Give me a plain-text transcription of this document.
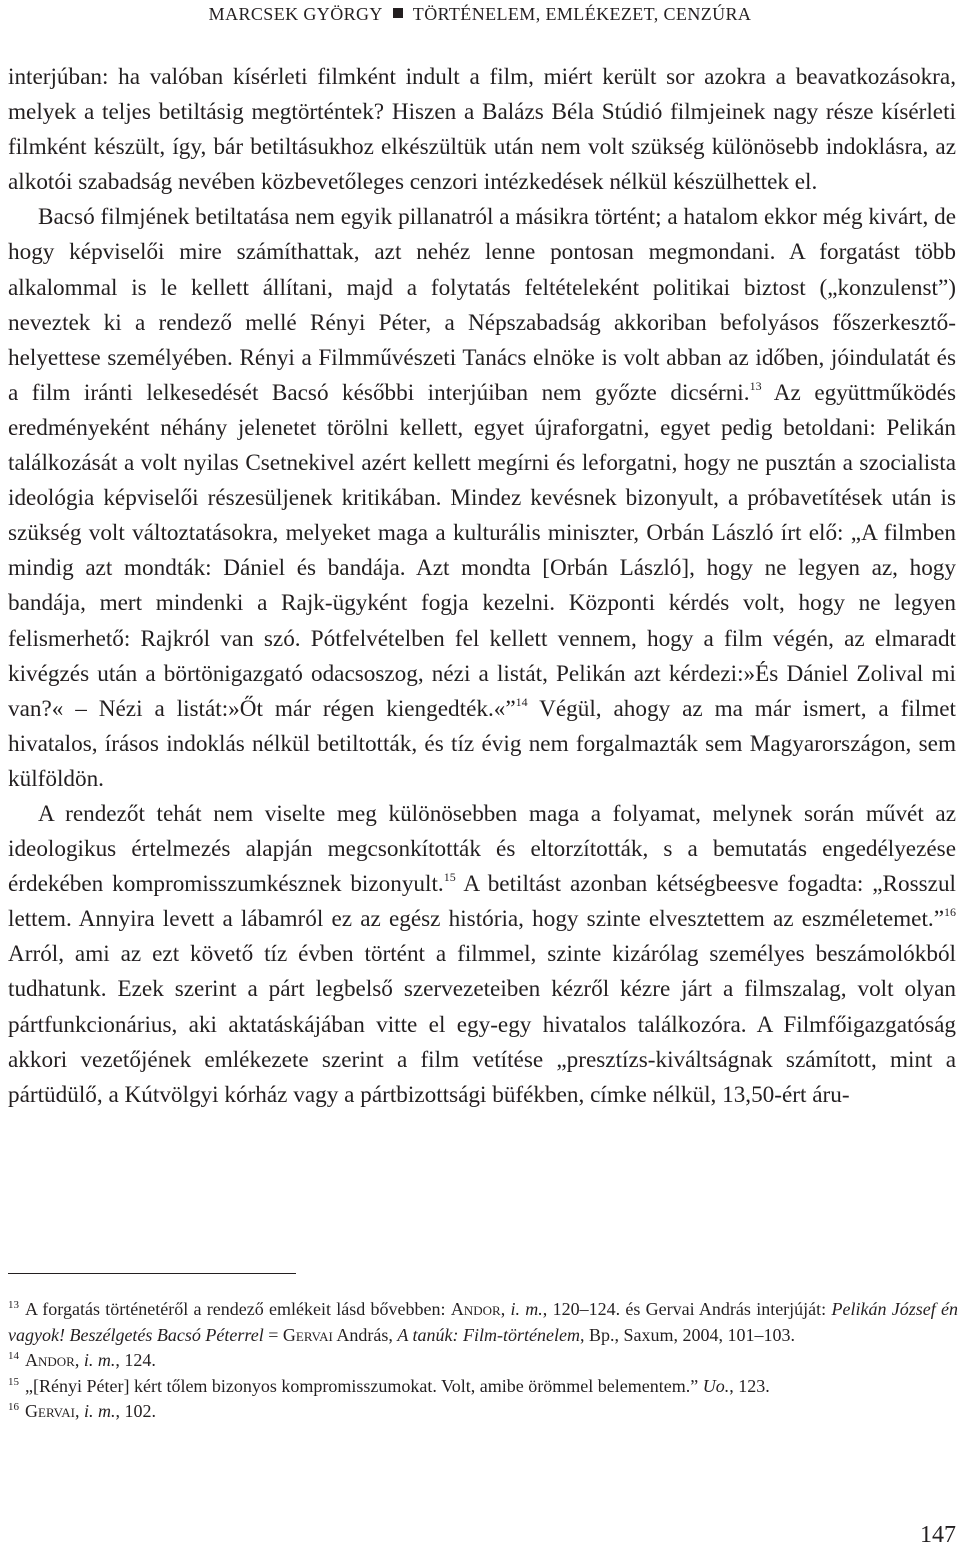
MARCSEK GYÖRGY TÖRTÉNELEM, EMLÉKEZET, CENZÚRA

interjúban: ha valóban kísérleti filmként indult a film, miért került sor azokra a beavatkozásokra, melyek a teljes betiltásig megtörténtek? Hiszen a Balázs Béla Stúdió filmjeinek nagy része kísérleti filmként készült, így, bár betiltásukhoz elkészültük után nem volt szükség különösebb indoklásra, az alkotói szabadság nevében közbevetőleges cenzori intézkedések nélkül készülhettek el.

Bacsó filmjének betiltatása nem egyik pillanatról a másikra történt; a hatalom ekkor még kivárt, de hogy képviselői mire számíthattak, azt nehéz lenne pontosan megmondani. A forgatást több alkalommal is le kellett állítani, majd a folytatás feltételeként politikai biztost („konzulenst”) neveztek ki a rendező mellé Rényi Péter, a Népszabadság akkoriban befolyásos főszerkesztő-helyettese személyében. Rényi a Filmművészeti Tanács elnöke is volt abban az időben, jóindulatát és a film iránti lelkesedését Bacsó későbbi interjúiban nem győzte dicsérni.$^{13}$ Az együttműködés eredményeként néhány jelenetet törölni kellett, egyet újraforgatni, egyet pedig betoldani: Pelikán találkozását a volt nyilas Csetnekivel azért kellett megírni és leforgatni, hogy ne pusztán a szocialista ideológia képviselői részesüljenek kritikában. Mindez kevésnek bizonyult, a próbavetítések után is szükség volt változtatásokra, melyeket maga a kulturális miniszter, Orbán László írt elő: „A filmben mindig azt mondták: Dániel és bandája. Azt mondta [Orbán László], hogy ne legyen az, hogy bandája, mert mindenki a Rajk-ügyként fogja kezelni. Központi kérdés volt, hogy ne legyen felismerhető: Rajkról van szó. Pótfelvételben fel kellett vennem, hogy a film végén, az elmaradt kivégzés után a börtönigazgató odacsoszog, nézi a listát, Pelikán azt kérdezi:»És Dániel Zolival mi van?« – Nézi a listát:»Őt már régen kiengedték.«”$^{14}$ Végül, ahogy az ma már ismert, a filmet hivatalos, írásos indoklás nélkül betiltották, és tíz évig nem forgalmazták sem Magyarországon, sem külföldön.

A rendezőt tehát nem viselte meg különösebben maga a folyamat, melynek során művét az ideologikus értelmezés alapján megcsonkították és eltorzították, s a bemutatás engedélyezése érdekében kompromisszumkésznek bizonyult.$^{15}$ A betiltást azonban kétségbeesve fogadta: „Rosszul lettem. Annyira levett a lábamról ez az egész história, hogy szinte elvesztettem az eszméletemet.”$^{16}$ Arról, ami az ezt követő tíz évben történt a filmmel, szinte kizárólag személyes beszámolókból tudhatunk. Ezek szerint a párt legbelső szervezeteiben kézről kézre járt a filmszalag, volt olyan pártfunkcionárius, aki aktatáskájában vitte el egy-egy hivatalos találkozóra. A Filmfőigazgatóság akkori vezetőjének emlékezete szerint a film vetítése „presztízs-kiváltságnak számított, mint a pártüdülő, a Kútvölgyi kórház vagy a pártbizottsági büfékben, címke nélkül, 13,50-ért áru-

$^{13}$ A forgatás történetéről a rendező emlékeit lásd bővebben: Andor, i. m., 120–124. és Gervai András interjúját: Pelikán József én vagyok! Beszélgetés Bacsó Péterrel = Gervai András, A tanúk: Film-történelem, Bp., Saxum, 2004, 101–103.

$^{14}$ Andor, i. m., 124.

$^{15}$ „[Rényi Péter] kért tőlem bizonyos kompromisszumokat. Volt, amibe örömmel belementem.” Uo., 123.

$^{16}$ Gervai, i. m., 102.

147
